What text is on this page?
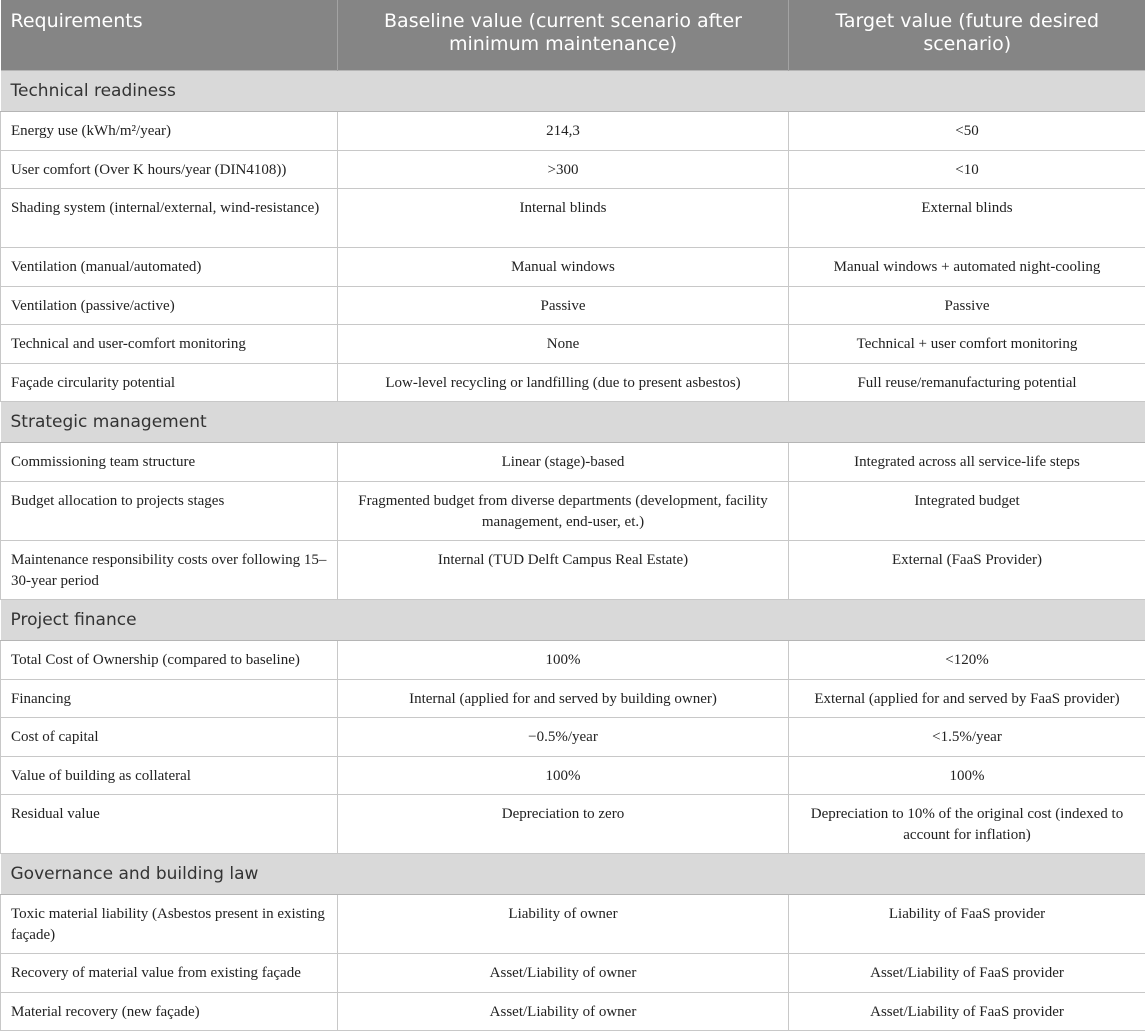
Requirements	Baseline value (current scenario after minimum maintenance)	Target value (future desired scenario)
Technical readiness		
Energy use (kWh/m²/year)	214,3	<50
User comfort (Over K hours/year (DIN4108))	>300	<10
Shading system (internal/external, wind-resistance)	Internal blinds	External blinds
Ventilation (manual/automated)	Manual windows	Manual windows + automated night-cooling
Ventilation (passive/active)	Passive	Passive
Technical and user-comfort monitoring	None	Technical + user comfort monitoring
Façade circularity potential	Low-level recycling or landfilling (due to present asbestos)	Full reuse/remanufacturing potential
Strategic management		
Commissioning team structure	Linear (stage)-based	Integrated across all service-life steps
Budget allocation to projects stages	Fragmented budget from diverse departments (development, facility management, end-user, et.)	Integrated budget
Maintenance responsibility costs over following 15–30-year period	Internal (TUD Delft Campus Real Estate)	External (FaaS Provider)
Project finance		
Total Cost of Ownership (compared to baseline)	100%	<120%
Financing	Internal (applied for and served by building owner)	External (applied for and served by FaaS provider)
Cost of capital	−0.5%/year	<1.5%/year
Value of building as collateral	100%	100%
Residual value	Depreciation to zero	Depreciation to 10% of the original cost (indexed to account for inflation)
Governance and building law		
Toxic material liability (Asbestos present in existing façade)	Liability of owner	Liability of FaaS provider
Recovery of material value from existing façade	Asset/Liability of owner	Asset/Liability of FaaS provider
Material recovery (new façade)	Asset/Liability of owner	Asset/Liability of FaaS provider
